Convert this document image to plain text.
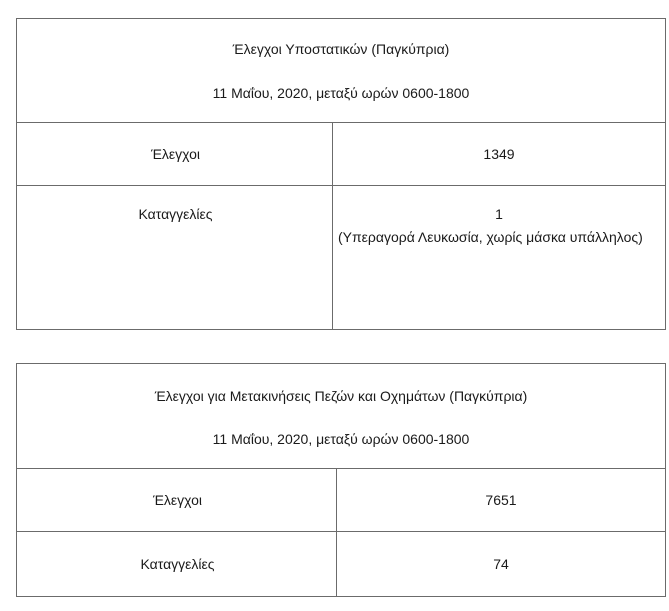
Έλεγχοι Υποστατικών (Παγκύπρια)
11 Μαΐου, 2020, μεταξύ ωρών 0600-1800
Έλεγχοι	1349
Καταγγελίες	1
(Υπεραγορά Λευκωσία, χωρίς μάσκα υπάλληλος)
Έλεγχοι για Μετακινήσεις Πεζών και Οχημάτων (Παγκύπρια)
11 Μαΐου, 2020, μεταξύ ωρών 0600-1800
Έλεγχοι	7651
Καταγγελίες	74
